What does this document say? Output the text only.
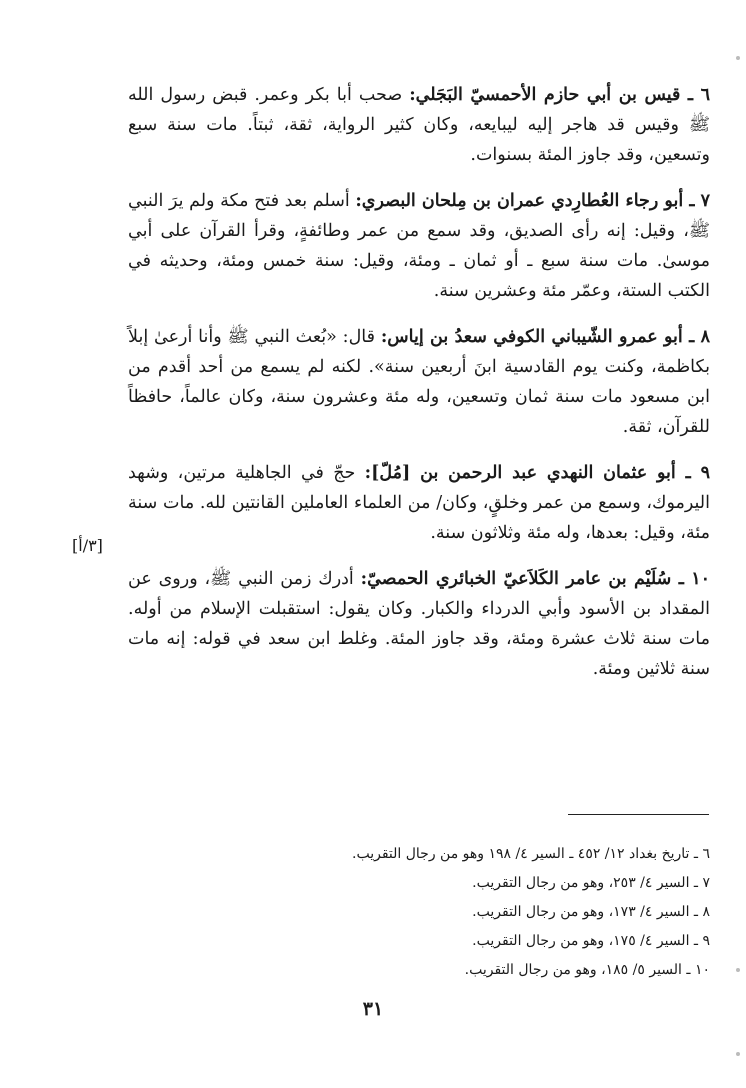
٦ ـ قيس بن أبي حازم الأحمسيّ البَجَلي: صحب أبا بكر وعمر. قبض رسول الله ﷺ وقيس قد هاجر إليه ليبايعه، وكان كثير الرواية، ثقة، ثبتاً. مات سنة سبع وتسعين، وقد جاوز المئة بسنوات.

٧ ـ أبو رجاء العُطارِدي عمران بن مِلحان البصري: أسلم بعد فتح مكة ولم يرَ النبي ﷺ، وقيل: إنه رأى الصديق، وقد سمع من عمر وطائفةٍ، وقرأ القرآن على أبي موسىٰ. مات سنة سبع ـ أو ثمان ـ ومئة، وقيل: سنة خمس ومئة، وحديثه في الكتب الستة، وعمّر مئة وعشرين سنة.

٨ ـ أبو عمرو الشّيباني الكوفي سعدُ بن إياس: قال: «بُعث النبي ﷺ وأنا أرعىٰ إبلاً بكاظمة، وكنت يوم القادسية ابنَ أربعين سنة». لكنه لم يسمع من أحد أقدم من ابن مسعود مات سنة ثمان وتسعين، وله مئة وعشرون سنة، وكان عالماً، حافظاً للقرآن، ثقة.

٩ ـ أبو عثمان النهدي عبد الرحمن بن [مُلّ]: حجّ في الجاهلية مرتين، وشهد اليرموك، وسمع من عمر وخلقٍ، وكان/ من العلماء العاملين القانتين لله. مات سنة مئة، وقيل: بعدها، وله مئة وثلاثون سنة.

١٠ ـ سُلَيْم بن عامر الكَلاَعيّ الخبائري الحمصيّ: أدرك زمن النبي ﷺ، وروى عن المقداد بن الأسود وأبي الدرداء والكبار. وكان يقول: استقبلت الإسلام من أوله. مات سنة ثلاث عشرة ومئة، وقد جاوز المئة. وغلط ابن سعد في قوله: إنه مات سنة ثلاثين ومئة.

[٣/أ]

٦ ـ تاريخ بغداد ١٢/ ٤٥٢ ـ السير ٤/ ١٩٨ وهو من رجال التقريب.

٧ ـ السير ٤/ ٢٥٣، وهو من رجال التقريب.

٨ ـ السير ٤/ ١٧٣، وهو من رجال التقريب.

٩ ـ السير ٤/ ١٧٥، وهو من رجال التقريب.

١٠ ـ السير ٥/ ١٨٥، وهو من رجال التقريب.

٣١
